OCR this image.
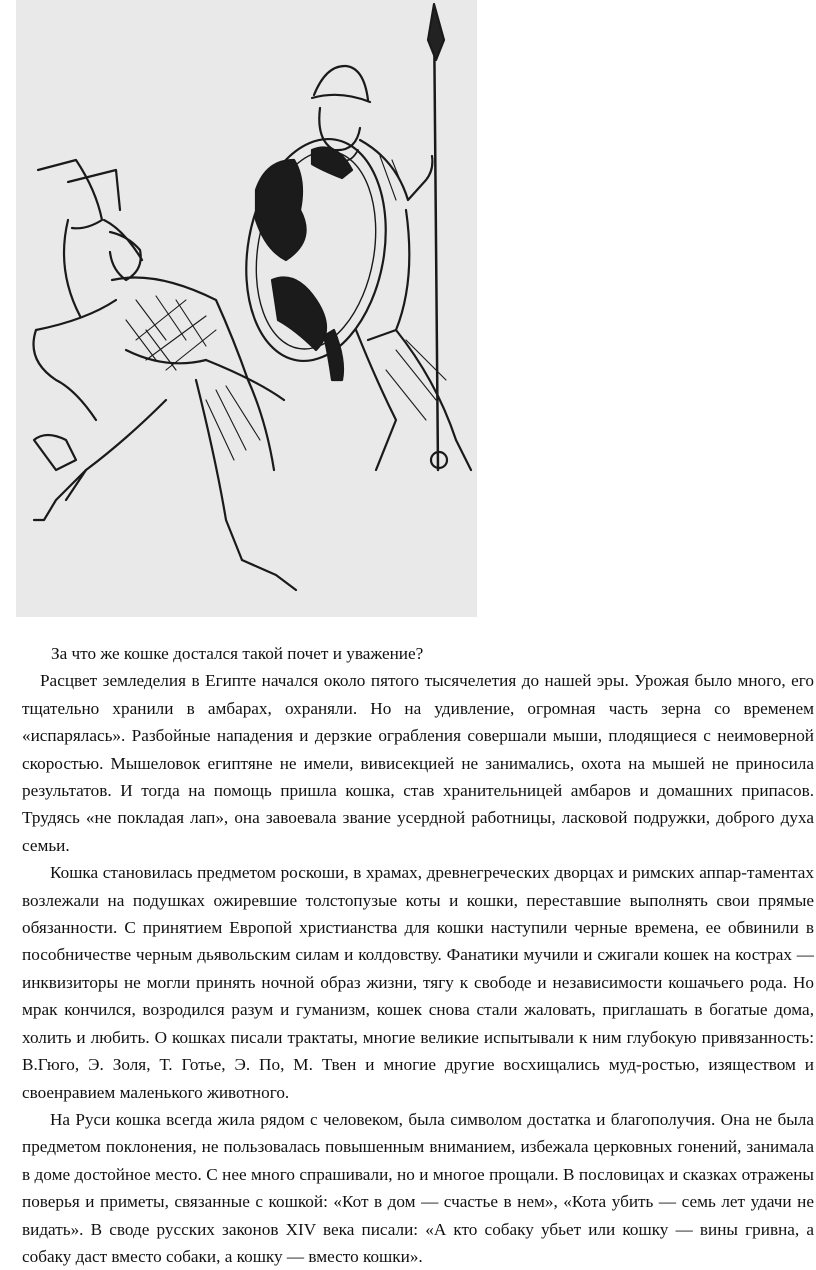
За что же кошке достался такой почет и уважение?

Расцвет земледелия в Египте начался около пятого тысячелетия до нашей эры. Урожая было много, его тщательно хранили в амбарах, охраняли. Но на удивление, огромная часть зерна со временем «испарялась». Разбойные нападения и дерзкие ограбления совершали мыши, плодящиеся с неимоверной скоростью. Мышеловок египтяне не имели, вивисекцией не занимались, охота на мышей не приносила результатов. И тогда на помощь пришла кошка, став хранительницей амбаров и домашних припасов. Трудясь «не покладая лап», она завоевала звание усердной работницы, ласковой подружки, доброго духа семьи.

Кошка становилась предметом роскоши, в храмах, древнегреческих дворцах и римских аппар-таментах возлежали на подушках ожиревшие толстопузые коты и кошки, переставшие выполнять свои прямые обязанности. С принятием Европой христианства для кошки наступили черные времена, ее обвинили в пособничестве черным дьявольским силам и колдовству. Фанатики мучили и сжигали кошек на кострах — инквизиторы не могли принять ночной образ жизни, тягу к свободе и независимости кошачьего рода. Но мрак кончился, возродился разум и гуманизм, кошек снова стали жаловать, приглашать в богатые дома, холить и любить. О кошках писали трактаты, многие великие испытывали к ним глубокую привязанность: В.Гюго, Э. Золя, Т. Готье, Э. По, М. Твен и многие другие восхищались муд-ростью, изяществом и своенравием маленького животного.

На Руси кошка всегда жила рядом с человеком, была символом достатка и благополучия. Она не была предметом поклонения, не пользовалась повышенным вниманием, избежала церковных гонений, занимала в доме достойное место. С нее много спрашивали, но и многое прощали. В пословицах и сказках отражены поверья и приметы, связанные с кошкой: «Кот в дом — счастье в нем», «Кота убить — семь лет удачи не видать». В своде русских законов XIV века писали: «А кто собаку убьет или кошку — вины гривна, а собаку даст вместо собаки, а кошку — вместо кошки».
